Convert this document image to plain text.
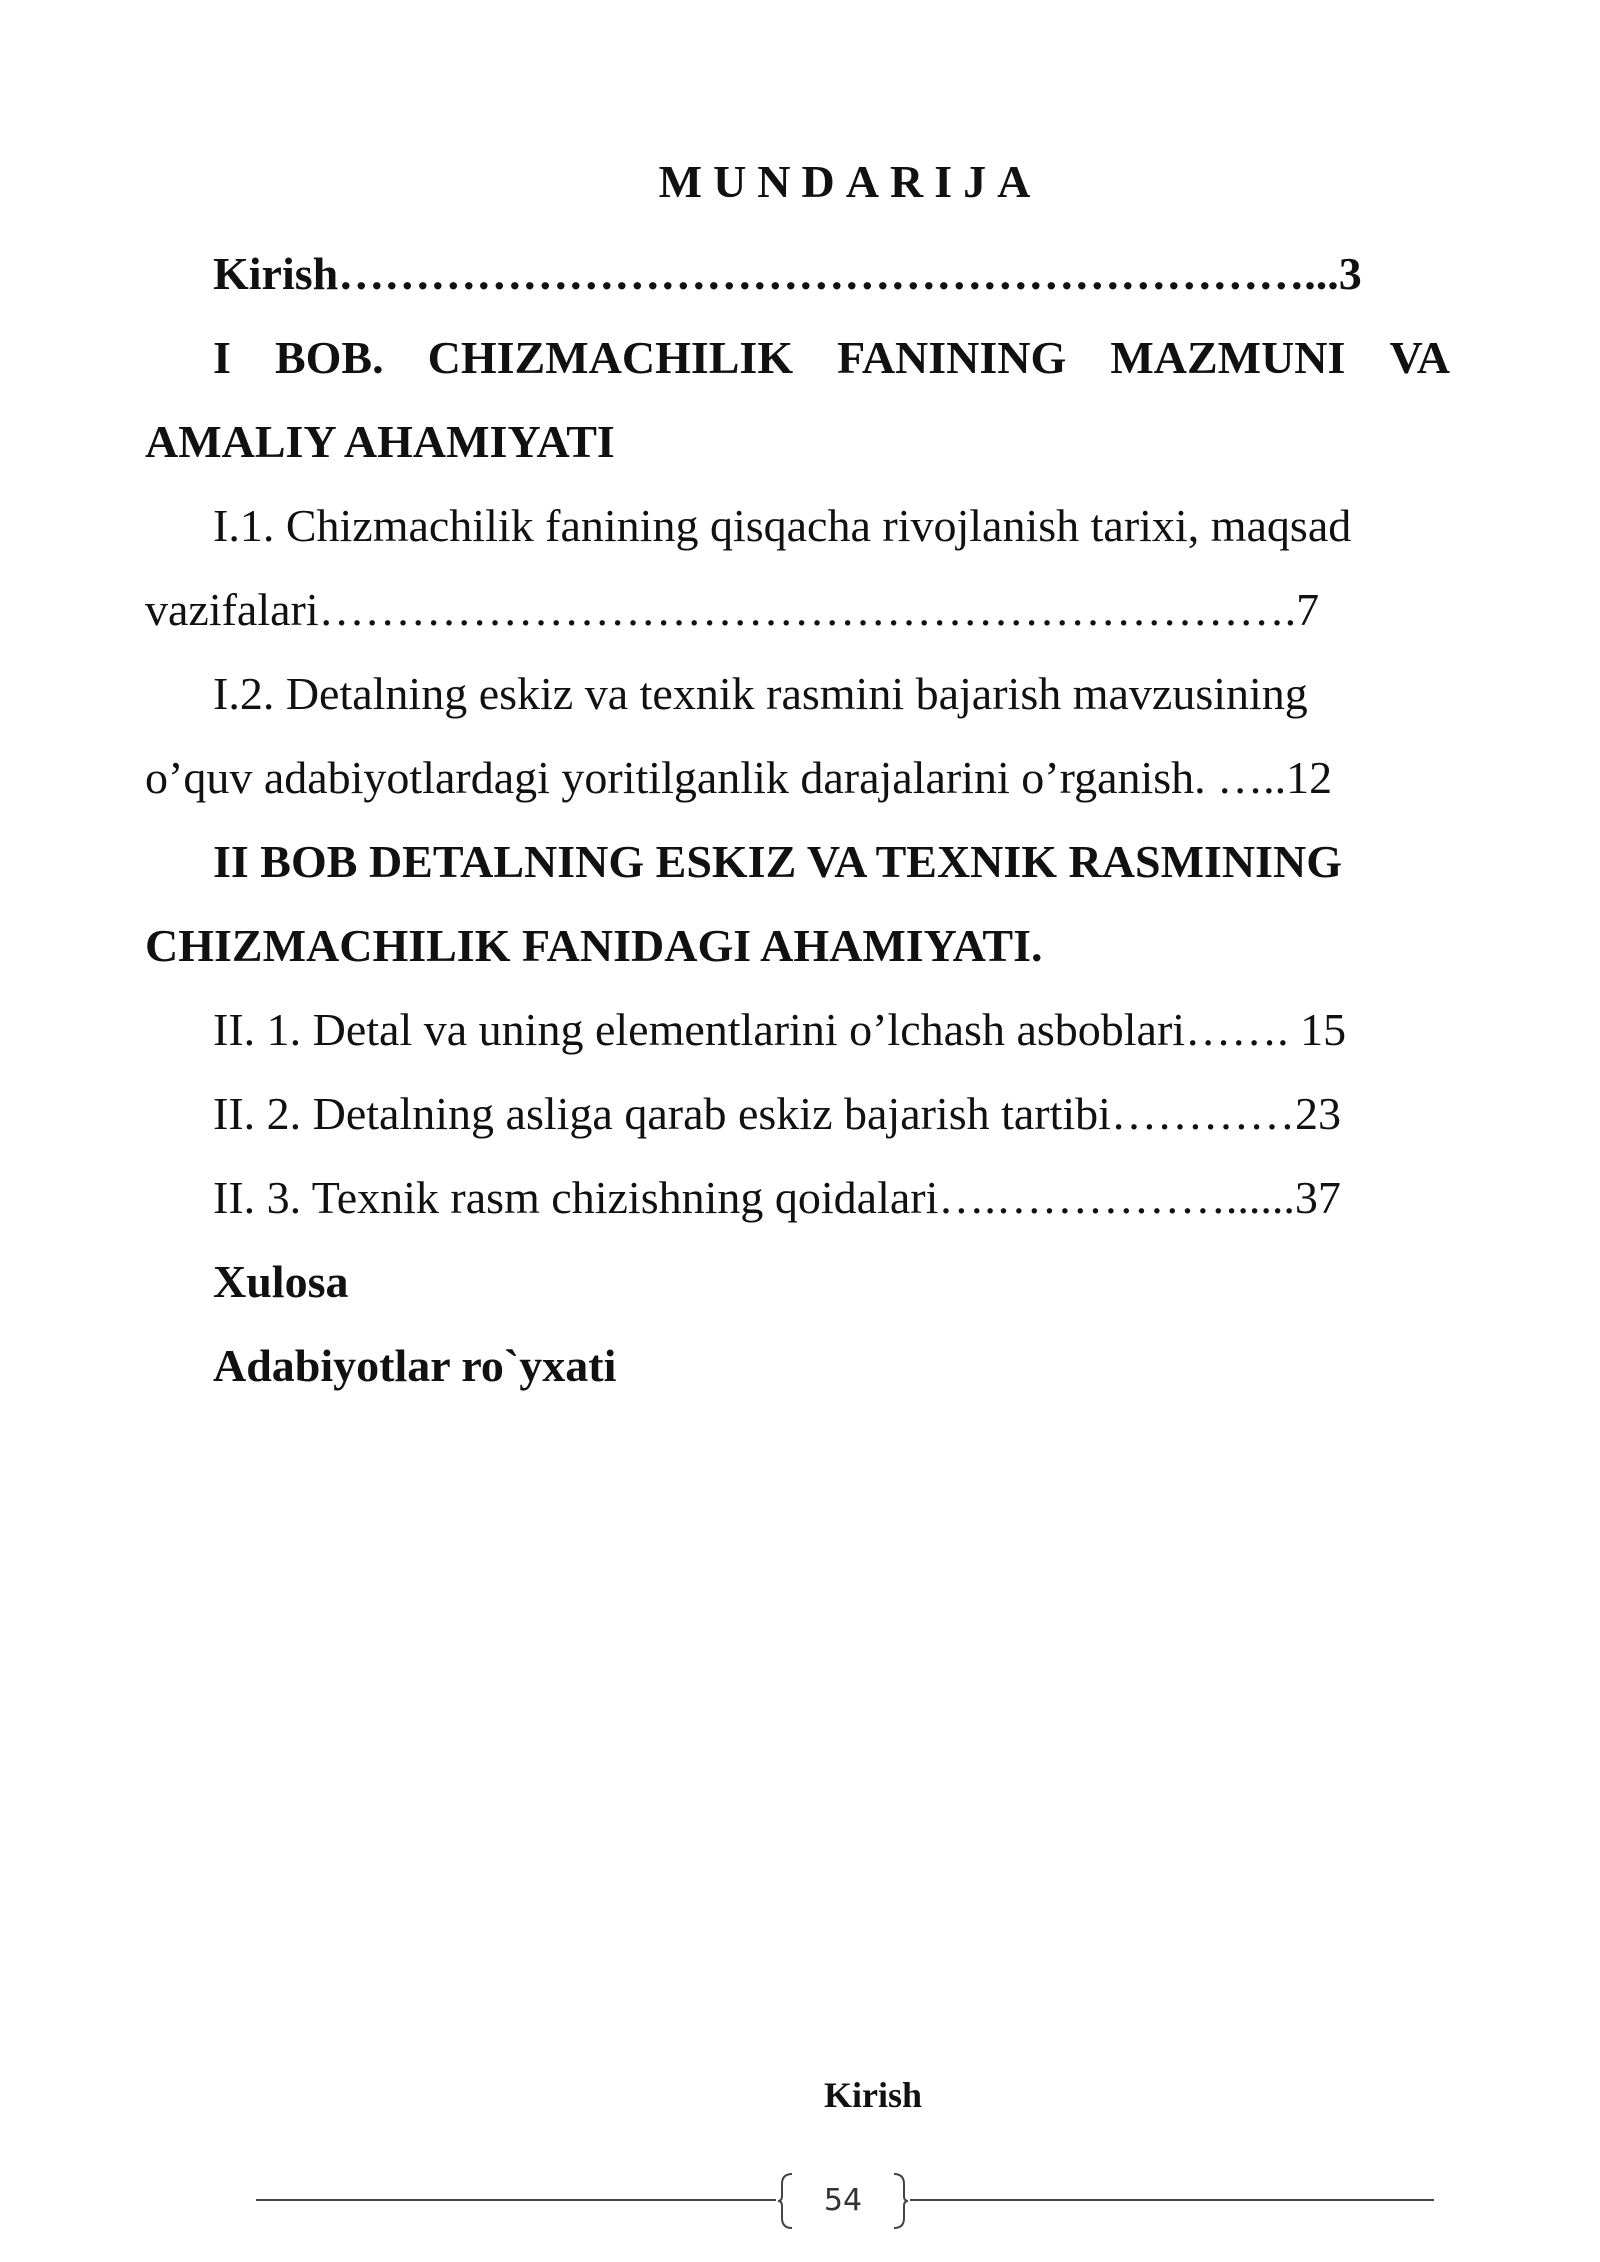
MUNDARIJA
Kirish………………………………………………………...3
I BOB. CHIZMACHILIK FANINING MAZMUNI VA
AMALIY AHAMIYATI
I.1. Chizmachilik fanining qisqacha rivojlanish tarixi, maqsad
vazifalari……………………………………………………….7
I.2. Detalning eskiz va texnik rasmini bajarish mavzusining
o’quv adabiyotlardagi yoritilganlik darajalarini o’rganish. …..12
II BOB DETALNING ESKIZ VA TEXNIK RASMINING
CHIZMACHILIK FANIDAGI AHAMIYATI.
II. 1. Detal va uning elementlarini o’lchash asboblari……. 15
II. 2. Detalning asliga qarab eskiz bajarish tartibi…………23
II. 3. Texnik rasm chizishning qoidalari….……………......37
Xulosa
Adabiyotlar ro`yxati
Kirish
54
